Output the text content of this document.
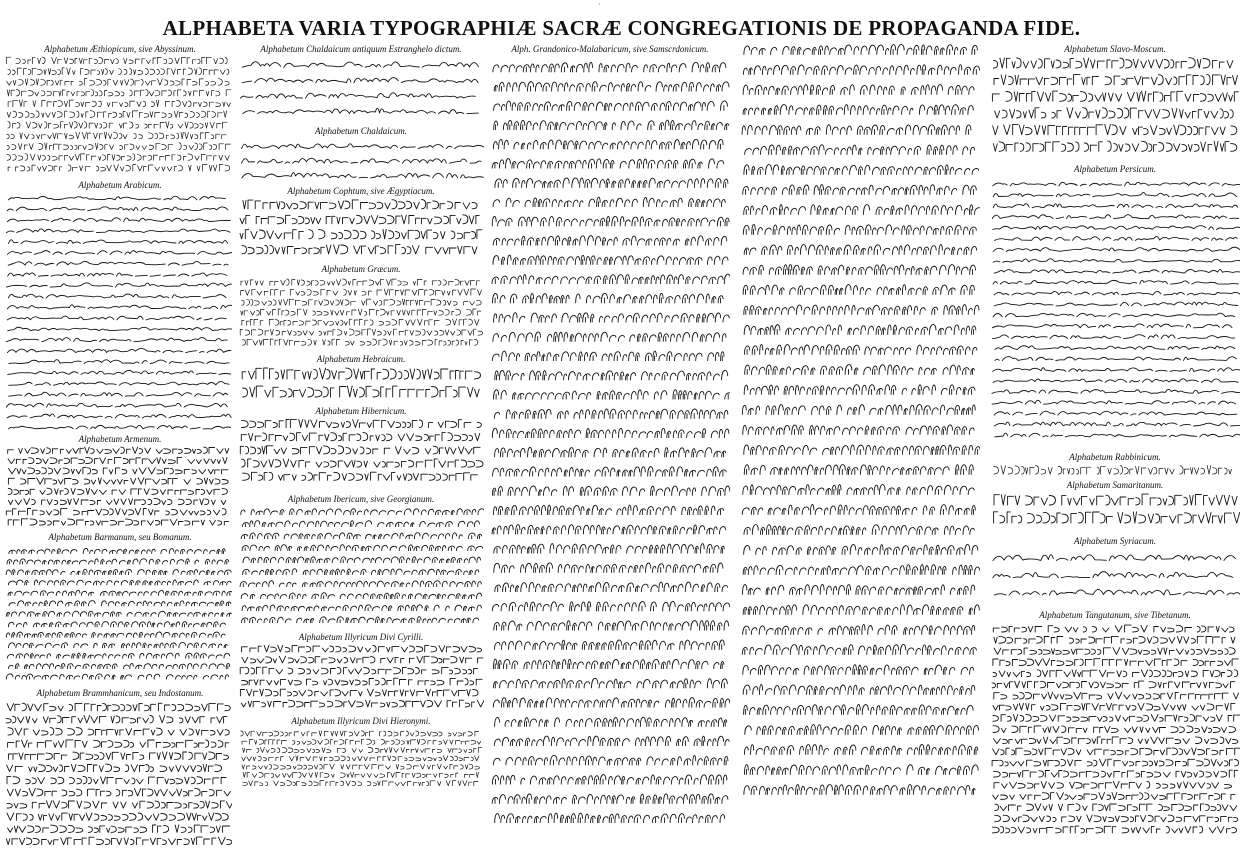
·
ALPHABETA VARIA TYPOGRAPHIÆ SACRÆ CONGREGATIONIS DE PROPAGANDA FIDE.
Alphabetum Æthiopicum, sive Abyssinum.
Alphabetum Arabicum.
Alphabetum Armenum.
Alphabetum Barmanum, seu Bomanum.
Alphabetum Brammhanicum, seu Indostanum.
Alphabetum Chaldaicum antiquum Estranghelo dictum.
Alphabetum Chaldaicum.
Alphabetum Cophtum, sive Ægyptiacum.
Alphabetum Græcum.
Alphabetum Hebraicum.
Alphabetum Hibernicum.
Alphabetum Ibericum, sive Georgianum.
Alphabetum Illyricum Divi Cyrilli.
Alphabetum Illyricum Divi Hieronymi.
Alph. Grandonico-Malabaricum, sive Samscrdonicum.	Alphabetum Slavo-Moscum.
Alphabetum Persicum.
Alphabetum Rabbinicum.
Alphabetum Samaritanum.
Alphabetum Syriacum.
Alphabetum Tangutanum, sive Tibetanum.
